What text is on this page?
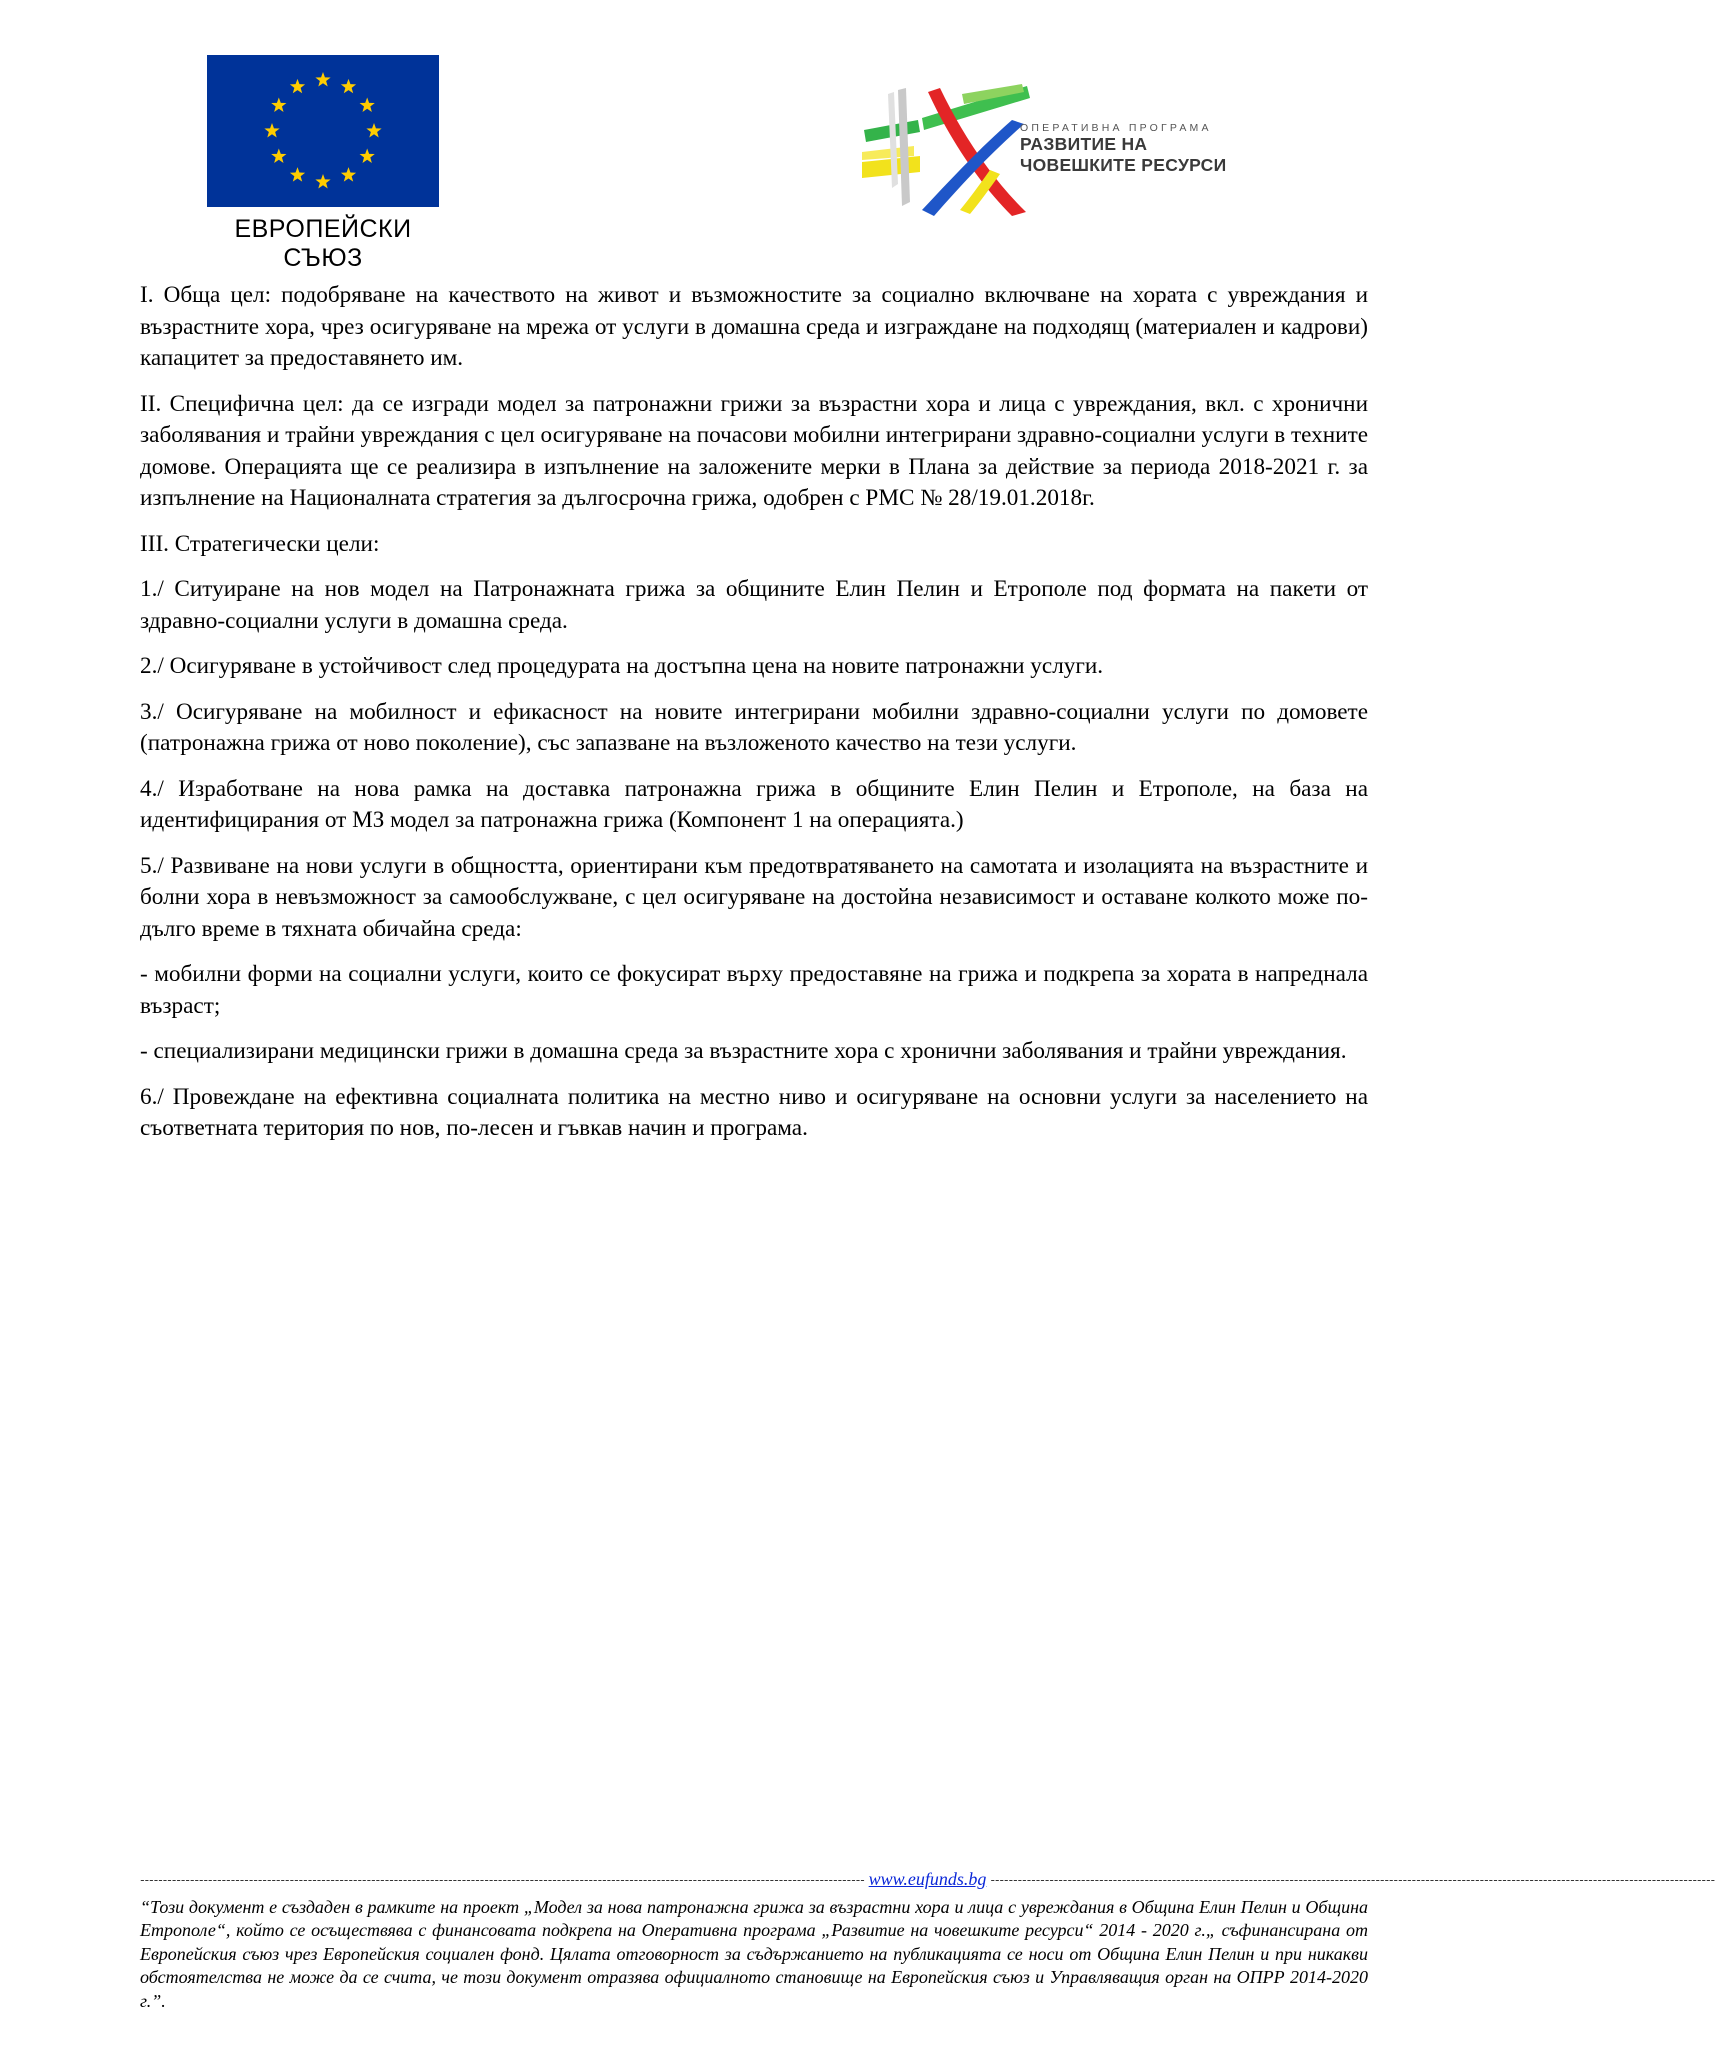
ЕВРОПЕЙСКИ СЪЮЗ
ОПЕРАТИВНА ПРОГРАМА
РАЗВИТИЕ НА
ЧОВЕШКИТЕ РЕСУРСИ

I. Обща цел: подобряване на качеството на живот и възможностите за социално включване на хората с увреждания и възрастните хора, чрез осигуряване на мрежа от услуги в домашна среда и изграждане на подходящ (материален и кадрови) капацитет за предоставянето им.

II. Специфична цел: да се изгради модел за патронажни грижи за възрастни хора и лица с увреждания, вкл. с хронични заболявания и трайни увреждания с цел осигуряване на почасови мобилни интегрирани здравно-социални услуги в техните домове. Операцията ще се реализира в изпълнение на заложените мерки в Плана за действие за периода 2018-2021 г. за изпълнение на Националната стратегия за дългосрочна грижа, одобрен с РМС № 28/19.01.2018г.

III. Стратегически цели:

1./ Ситуиране на нов модел на Патронажната грижа за общините Елин Пелин и Етрополе под формата на пакети от здравно-социални услуги в домашна среда.

2./ Осигуряване в устойчивост след процедурата на достъпна цена на новите патронажни услуги.

3./ Осигуряване на мобилност и ефикасност на новите интегрирани мобилни здравно-социални услуги по домовете (патронажна грижа от ново поколение), със запазване на възложеното качество на тези услуги.

4./ Изработване на нова рамка на доставка патронажна грижа в общините Елин Пелин и Етрополе, на база на идентифицирания от МЗ модел за патронажна грижа (Компонент 1 на операцията.)

5./ Развиване на нови услуги в общността, ориентирани към предотвратяването на самотата и изолацията на възрастните и болни хора в невъзможност за самообслужване, с цел осигуряване на достойна независимост и оставане колкото може по-дълго време в тяхната обичайна среда:

- мобилни форми на социални услуги, които се фокусират върху предоставяне на грижа и подкрепа за хората в напреднала възраст;

- специализирани медицински грижи в домашна среда за възрастните хора с хронични заболявания и трайни увреждания.

6./ Провеждане на ефективна социалната политика на местно ниво и осигуряване на основни услуги за населението на съответната територия по нов, по-лесен и гъвкав начин и програма.

---------------------------------------------------------------------------------------------------------------------------------------------------------------- www.eufunds.bg ----------------------------------------------------------------------------------------------------------------------------------------------------------------
“Този документ е създаден в рамките на проект „Модел за нова патронажна грижа за възрастни хора и лица с увреждания в Община Елин Пелин и Община Етрополе“, който се осъществява с финансовата подкрепа на Оперативна програма „Развитие на човешките ресурси“ 2014 - 2020 г.„ съфинансирана от Европейския съюз чрез Европейския социален фонд. Цялата отговорност за съдържанието на публикацията се носи от Община Елин Пелин и при никакви обстоятелства не може да се счита, че този документ отразява официалното становище на Европейския съюз и Управляващия орган на ОПРР 2014-2020 г.”.
